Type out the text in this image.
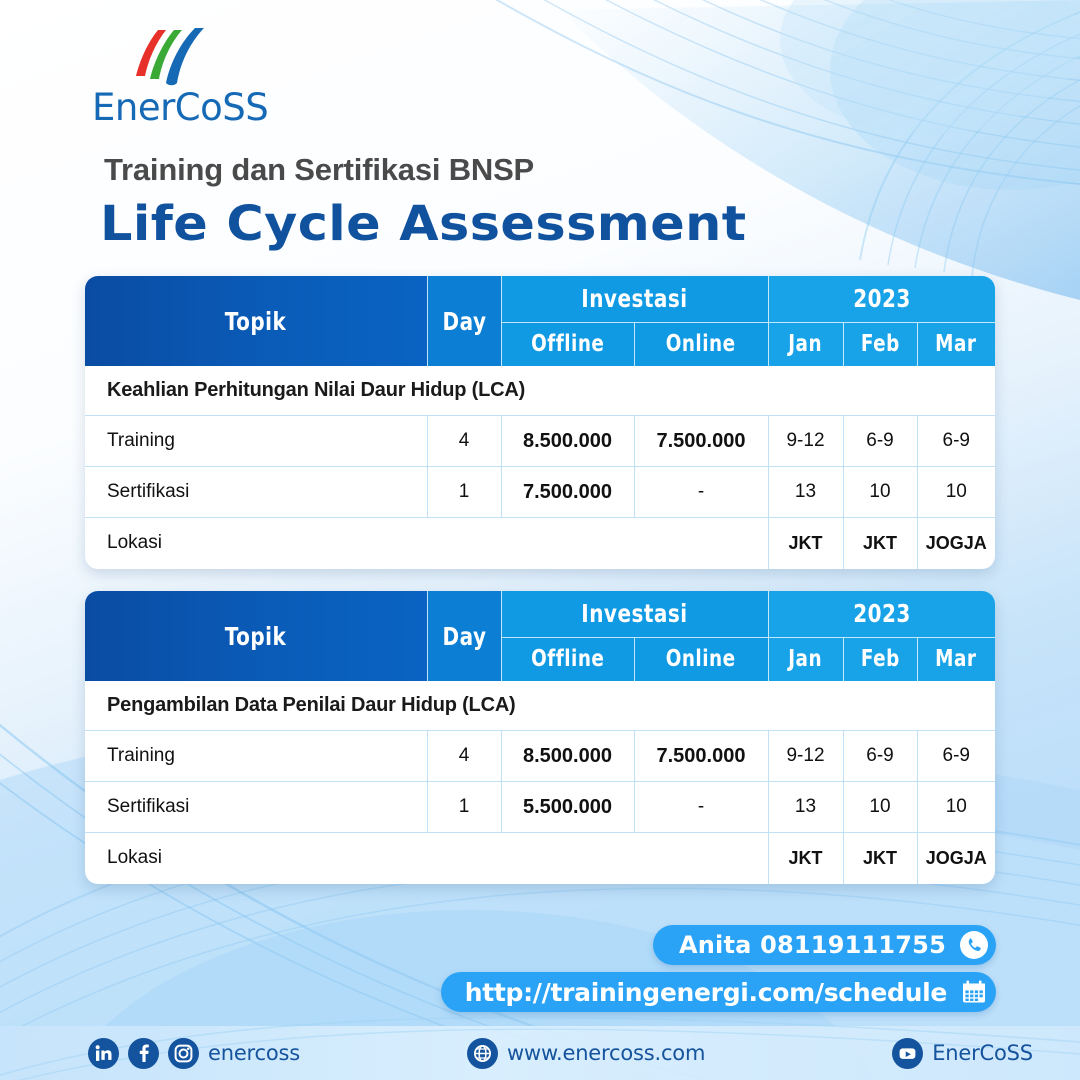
EnerCoSS
Training dan Sertifikasi BNSP
Life Cycle Assessment
Topik	Day	Investasi		2023		
		Offline	Online	Jan	Feb	Mar
Keahlian Perhitungan Nilai Daur Hidup (LCA)						
Training	4	8.500.000	7.500.000	9-12	6-9	6-9
Sertifikasi	1	7.500.000	-	13	10	10
Lokasi				JKT	JKT	JOGJA
Topik	Day	Investasi		2023		
		Offline	Online	Jan	Feb	Mar
Pengambilan Data Penilai Daur Hidup (LCA)						
Training	4	8.500.000	7.500.000	9-12	6-9	6-9
Sertifikasi	1	5.500.000	-	13	10	10
Lokasi				JKT	JKT	JOGJA
Anita 08119111755
http://trainingenergi.com/schedule
enercoss	www.enercoss.com	EnerCoSS
